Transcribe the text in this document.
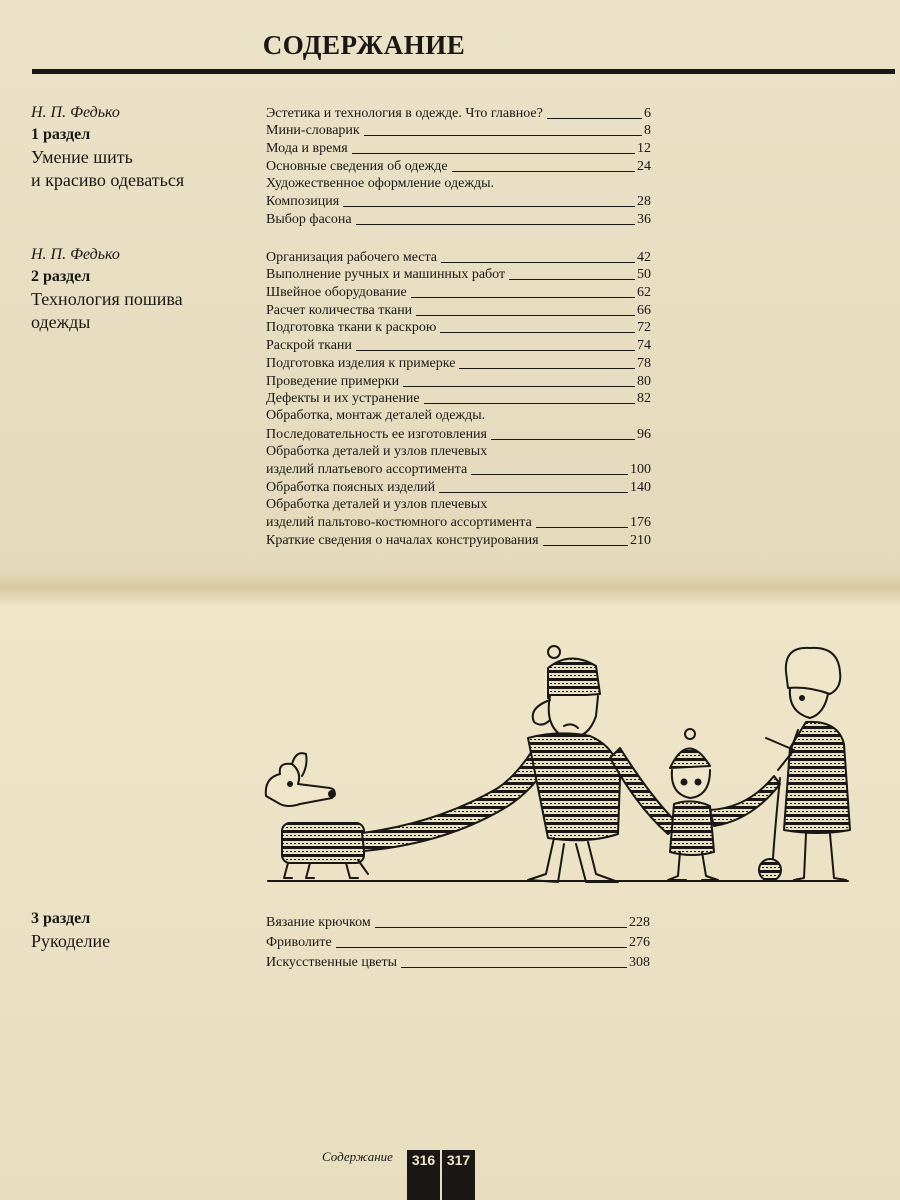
СОДЕРЖАНИЕ
Н. П. Федько
1 раздел
Умение шить
и красиво одеваться
Эстетика и технология в одежде. Что главное?	6
Мини-словарик	8
Мода и время	12
Основные сведения об одежде	24
Художественное оформление одежды.
Композиция	28
Выбор фасона	36
Н. П. Федько
2 раздел
Технология пошива
одежды
Организация рабочего места	42
Выполнение ручных и машинных работ	50
Швейное оборудование	62
Расчет количества ткани	66
Подготовка ткани к раскрою	72
Раскрой ткани	74
Подготовка изделия к примерке	78
Проведение примерки	80
Дефекты и их устранение	82
Обработка, монтаж деталей одежды.
Последовательность ее изготовления	96
Обработка деталей и узлов плечевых
изделий платьевого ассортимента	100
Обработка поясных изделий	140
Обработка деталей и узлов плечевых
изделий пальтово-костюмного ассортимента	176
Краткие сведения о началах конструирования	210
3 раздел
Рукоделие
Вязание крючком	228
Фриволите	276
Искусственные цветы	308
Содержание	316 317
